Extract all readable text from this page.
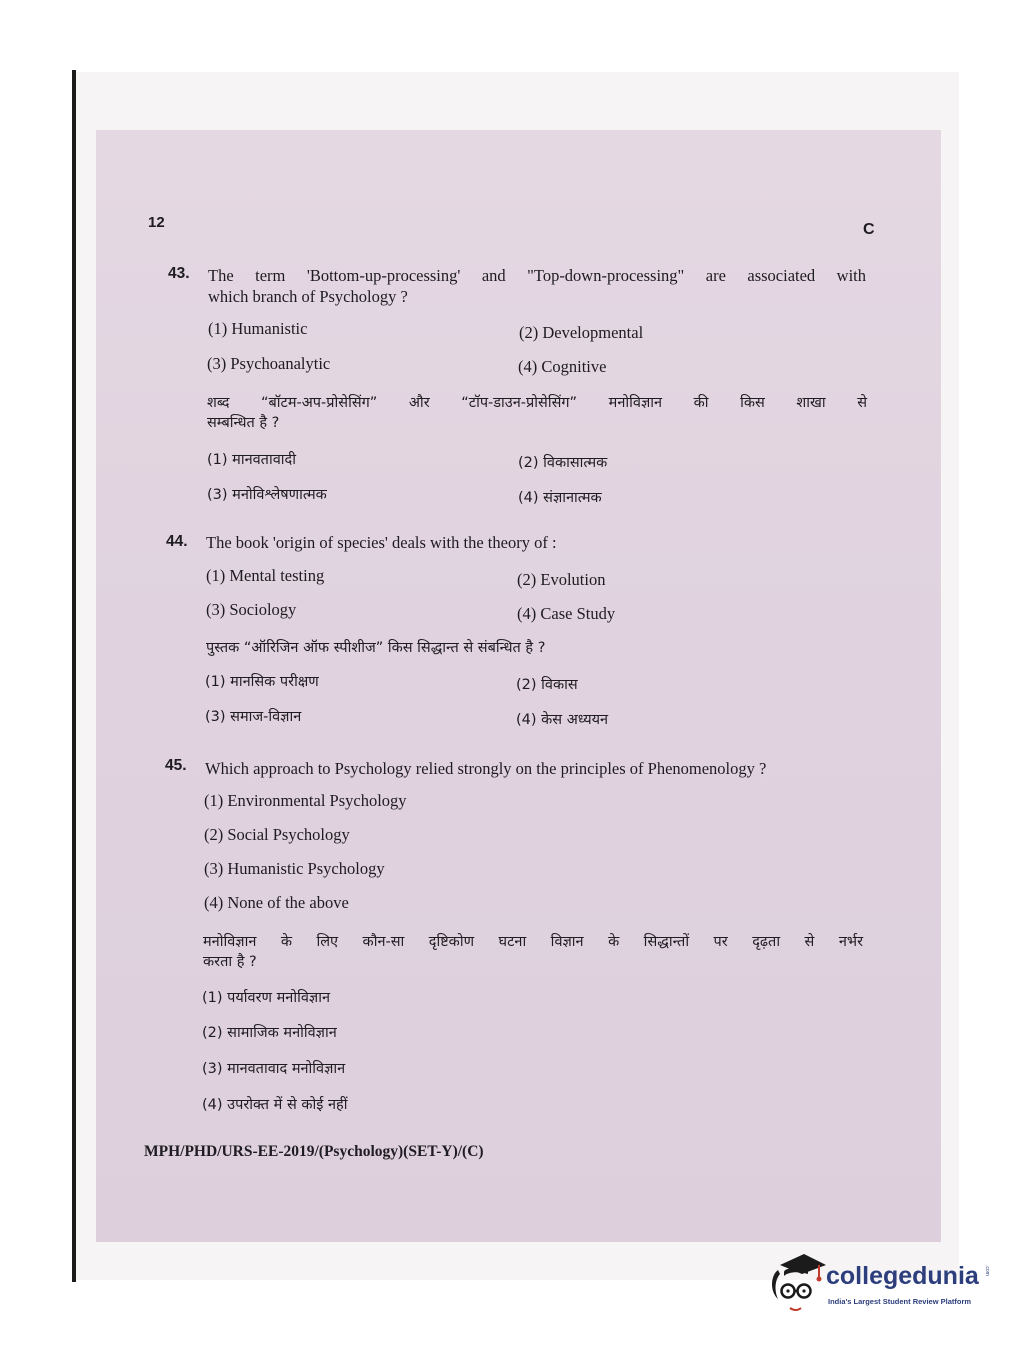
12	C
43. The term 'Bottom-up-processing' and "Top-down-processing" are associated with
which branch of Psychology ?
(1) Humanistic	(2) Developmental
(3) Psychoanalytic	(4) Cognitive
शब्द “बॉटम-अप-प्रोसेसिंग” और “टॉप-डाउन-प्रोसेसिंग” मनोविज्ञान की किस शाखा से
सम्बन्धित है ?
(1) मानवतावादी	(2) विकासात्मक
(3) मनोविश्लेषणात्मक	(4) संज्ञानात्मक
44. The book 'origin of species' deals with the theory of :
(1) Mental testing	(2) Evolution
(3) Sociology	(4) Case Study
पुस्तक “ऑरिजिन ऑफ स्पीशीज” किस सिद्धान्त से संबन्धित है ?
(1) मानसिक परीक्षण	(2) विकास
(3) समाज-विज्ञान	(4) केस अध्ययन
45. Which approach to Psychology relied strongly on the principles of Phenomenology ?
(1) Environmental Psychology
(2) Social Psychology
(3) Humanistic Psychology
(4) None of the above
मनोविज्ञान के लिए कौन-सा दृष्टिकोण घटना विज्ञान के सिद्धान्तों पर दृढ़ता से नर्भर
करता है ?
(1) पर्यावरण मनोविज्ञान
(2) सामाजिक मनोविज्ञान
(3) मानवतावाद मनोविज्ञान
(4) उपरोक्त में से कोई नहीं
MPH/PHD/URS-EE-2019/(Psychology)(SET-Y)/(C)
collegedunia .com
India's Largest Student Review Platform
